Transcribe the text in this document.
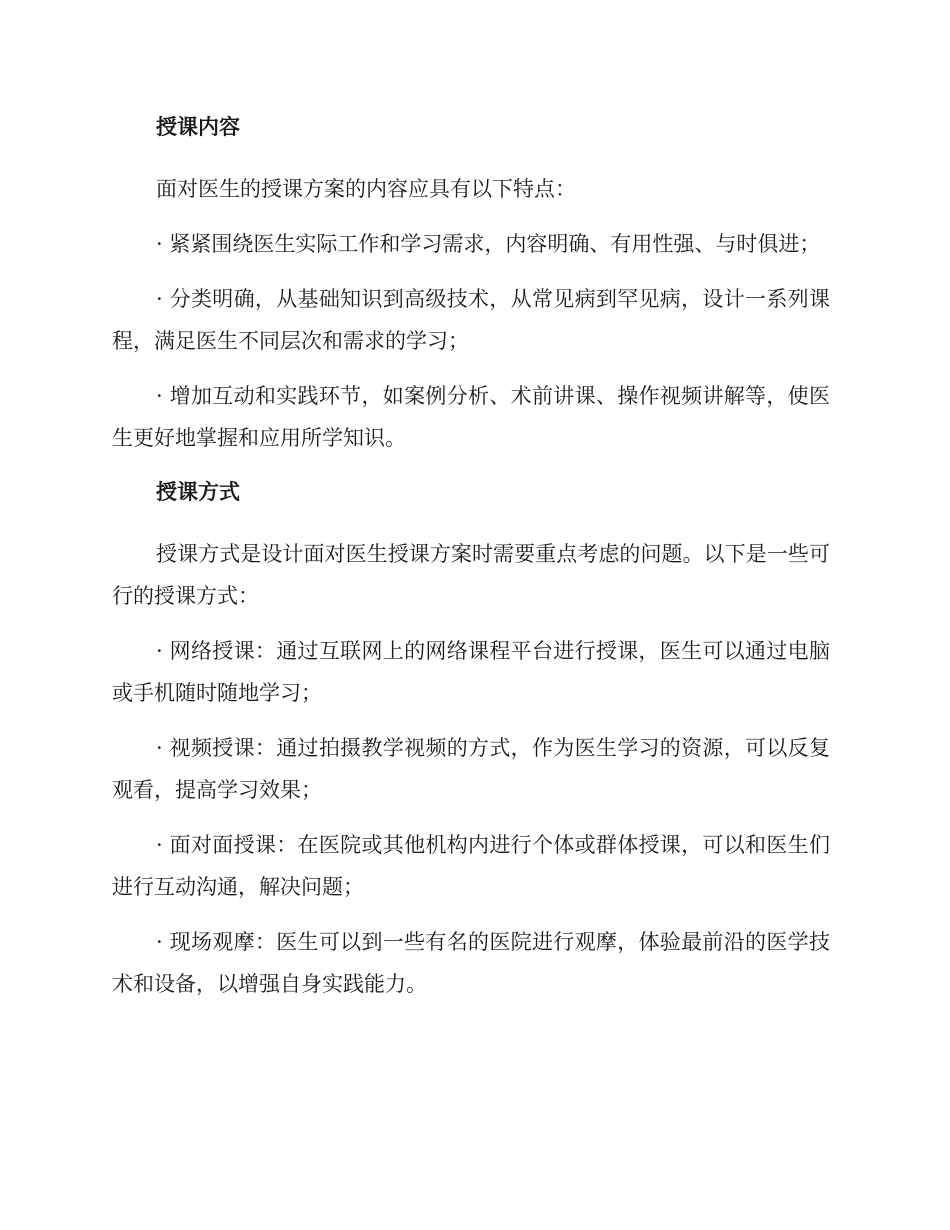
授课内容

面对医生的授课方案的内容应具有以下特点：

· 紧紧围绕医生实际工作和学习需求，内容明确、有用性强、与时俱进；

· 分类明确，从基础知识到高级技术，从常见病到罕见病，设计一系列课程，满足医生不同层次和需求的学习；

· 增加互动和实践环节，如案例分析、术前讲课、操作视频讲解等，使医生更好地掌握和应用所学知识。

授课方式

授课方式是设计面对医生授课方案时需要重点考虑的问题。以下是一些可行的授课方式：

· 网络授课：通过互联网上的网络课程平台进行授课，医生可以通过电脑或手机随时随地学习；

· 视频授课：通过拍摄教学视频的方式，作为医生学习的资源，可以反复观看，提高学习效果；

· 面对面授课：在医院或其他机构内进行个体或群体授课，可以和医生们进行互动沟通，解决问题；

· 现场观摩：医生可以到一些有名的医院进行观摩，体验最前沿的医学技术和设备，以增强自身实践能力。
